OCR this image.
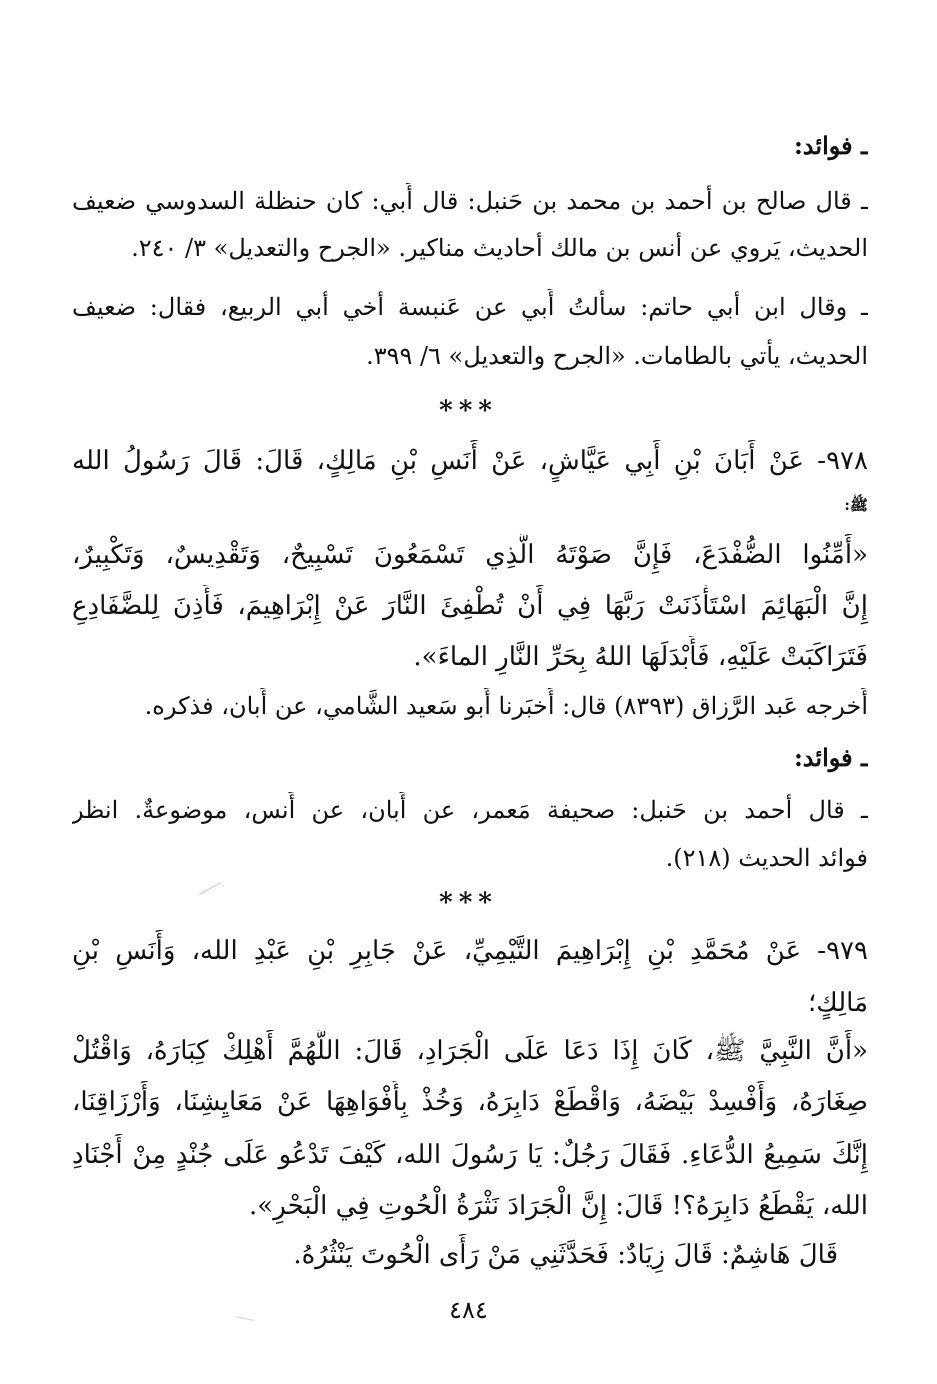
ـ فوائد:
ـ قال صالح بن أحمد بن محمد بن حَنبل: قال أَبي: كان حنظلة السدوسي ضعيف
الحديث، يَروي عن أنس بن مالك أحاديث مناكير. «الجرح والتعديل» ٣/ ٢٤٠.
ـ وقال ابن أبي حاتم: سأَلتُ أَبي عن عَنبسة أخي أبي الربيع، فقال: ضعيف
الحديث، يأتي بالطامات. «الجرح والتعديل» ٦/ ٣٩٩.
***
٩٧٨- عَنْ أَبَانَ بْنِ أَبِي عَيَّاشٍ، عَنْ أَنَسِ بْنِ مَالِكٍ، قَالَ: قَالَ رَسُولُ الله
ﷺ:
«أَمِّنُوا الضُّفْدَعَ، فَإِنَّ صَوْتَهُ الَّذِي تَسْمَعُونَ تَسْبِيحٌ، وَتَقْدِيسٌ، وَتَكْبِيرٌ،
إِنَّ الْبَهَائِمَ اسْتَأْذَنَتْ رَبَّهَا فِي أَنْ تُطْفِئَ النَّارَ عَنْ إِبْرَاهِيمَ، فَأَذِنَ لِلضَّفَادِعِ
فَتَرَاكَبَتْ عَلَيْهِ، فَأَبْدَلَهَا اللهُ بِحَرِّ النَّارِ الماءَ».
أَخرجه عَبد الرَّزاق (٨٣٩٣) قال: أَخبَرنا أَبو سَعيد الشَّامي، عن أَبان، فذكره.
ـ فوائد:
ـ قال أحمد بن حَنبل: صحيفة مَعمر، عن أَبان، عن أَنس، موضوعةٌ. انظر
فوائد الحديث (٢١٨).
***
٩٧٩- عَنْ مُحَمَّدِ بْنِ إِبْرَاهِيمَ التَّيْمِيِّ، عَنْ جَابِرِ بْنِ عَبْدِ الله، وَأَنَسِ بْنِ
مَالِكٍ؛
«أَنَّ النَّبِيَّ ﷺ، كَانَ إِذَا دَعَا عَلَى الْجَرَادِ، قَالَ: اللَّهُمَّ أَهْلِكْ كِبَارَهُ، وَاقْتُلْ
صِغَارَهُ، وَأَفْسِدْ بَيْضَهُ، وَاقْطَعْ دَابِرَهُ، وَخُذْ بِأَفْوَاهِهَا عَنْ مَعَايِشِنَا، وَأَرْزَاقِنَا،
إِنَّكَ سَمِيعُ الدُّعَاءِ. فَقَالَ رَجُلٌ: يَا رَسُولَ الله، كَيْفَ تَدْعُو عَلَى جُنْدٍ مِنْ أَجْنَادِ
الله، يَقْطَعُ دَابِرَهُ؟! قَالَ: إِنَّ الْجَرَادَ نَثْرَةُ الْحُوتِ فِي الْبَحْرِ».
قَالَ هَاشِمٌ: قَالَ زِيَادٌ: فَحَدَّثَنِي مَنْ رَأَى الْحُوتَ يَنْثُرُهُ.
٤٨٤
